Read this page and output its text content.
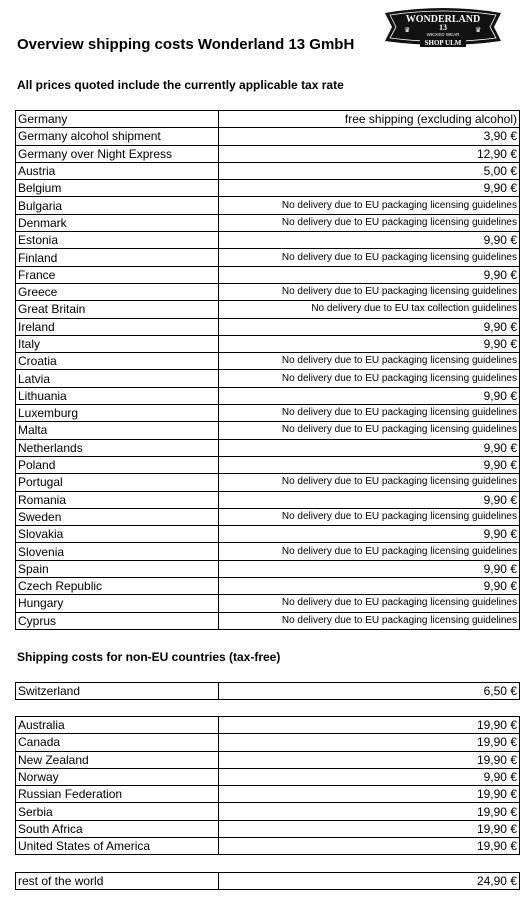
WONDERLAND
13
WICKED WEAR
♛	♛
SHOP ULM
Overview shipping costs Wonderland 13 GmbH
All prices quoted include the currently applicable tax rate
Germany	free shipping (excluding alcohol)
Germany alcohol shipment	3,90 €
Germany over Night Express	12,90 €
Austria	5,00 €
Belgium	9,90 €
Bulgaria	No delivery due to EU packaging licensing guidelines
Denmark	No delivery due to EU packaging licensing guidelines
Estonia	9,90 €
Finland	No delivery due to EU packaging licensing guidelines
France	9,90 €
Greece	No delivery due to EU packaging licensing guidelines
Great Britain	No delivery due to EU tax collection guidelines
Ireland	9,90 €
Italy	9,90 €
Croatia	No delivery due to EU packaging licensing guidelines
Latvia	No delivery due to EU packaging licensing guidelines
Lithuania	9,90 €
Luxemburg	No delivery due to EU packaging licensing guidelines
Malta	No delivery due to EU packaging licensing guidelines
Netherlands	9,90 €
Poland	9,90 €
Portugal	No delivery due to EU packaging licensing guidelines
Romania	9,90 €
Sweden	No delivery due to EU packaging licensing guidelines
Slovakia	9,90 €
Slovenia	No delivery due to EU packaging licensing guidelines
Spain	9,90 €
Czech Republic	9,90 €
Hungary	No delivery due to EU packaging licensing guidelines
Cyprus	No delivery due to EU packaging licensing guidelines
Shipping costs for non-EU countries (tax-free)
Switzerland	6,50 €
Australia	19,90 €
Canada	19,90 €
New Zealand	19,90 €
Norway	9,90 €
Russian Federation	19,90 €
Serbia	19,90 €
South Africa	19,90 €
United States of America	19,90 €
rest of the world	24,90 €
